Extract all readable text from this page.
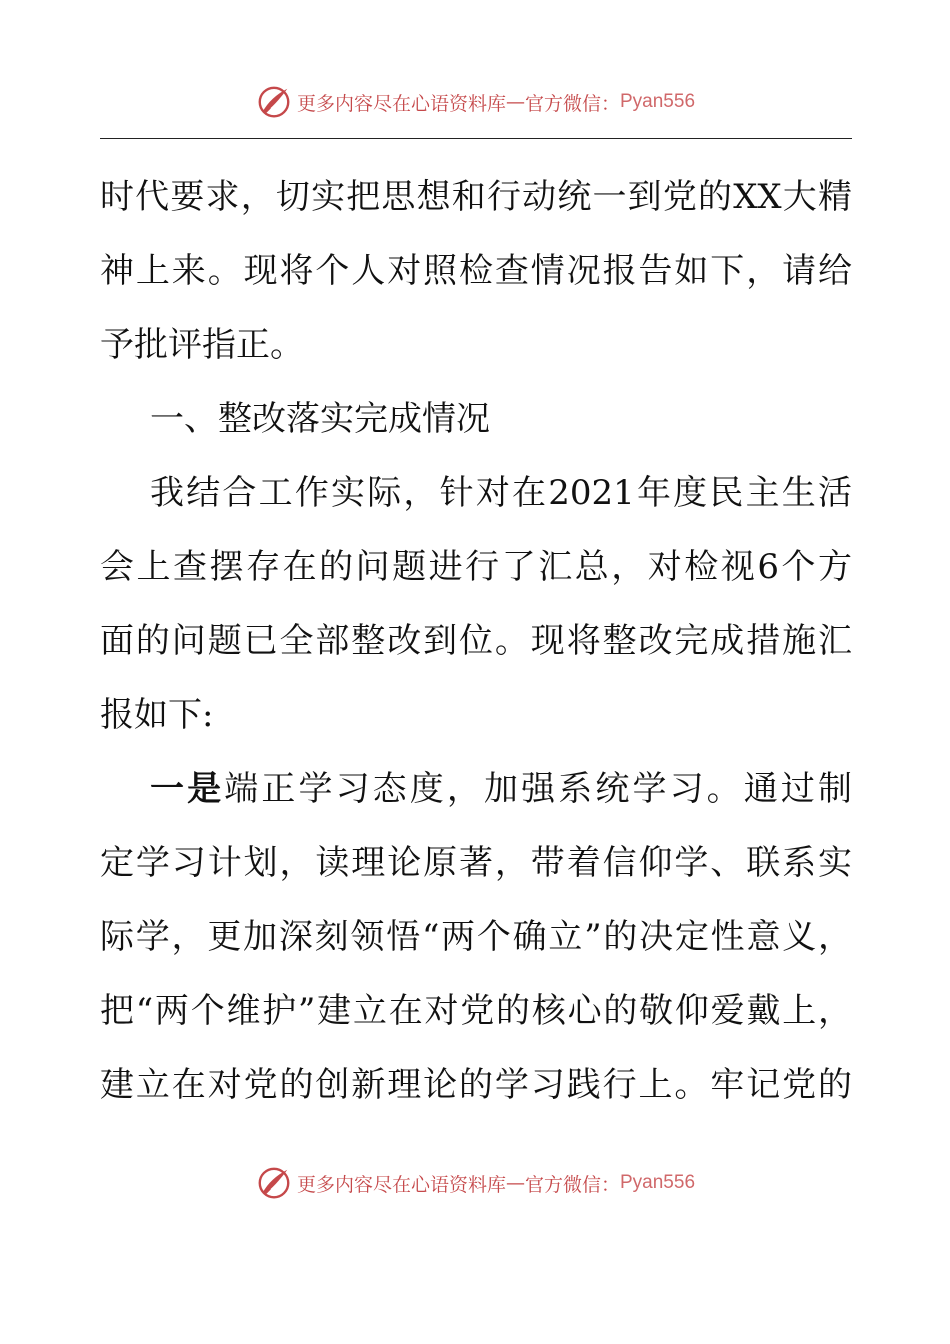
更多内容尽在心语资料库 — 官方微信： Pyan556
时代要求，切实把思想和行动统一到党的XX大精
神上来。现将个人对照检查情况报告如下，请给
予批评指正。
一、整改落实完成情况
我结合工作实际，针对在2021年度民主生活
会上查摆存在的问题进行了汇总，对检视6个方
面的问题已全部整改到位。现将整改完成措施汇
报如下:
一是端正学习态度，加强系统学习。通过制
定学习计划，读理论原著，带着信仰学、联系实
际学，更加深刻领悟“两个确立”的决定性意义，
把“两个维护”建立在对党的核心的敬仰爱戴上，
建立在对党的创新理论的学习践行上。牢记党的
更多内容尽在心语资料库 — 官方微信： Pyan556
